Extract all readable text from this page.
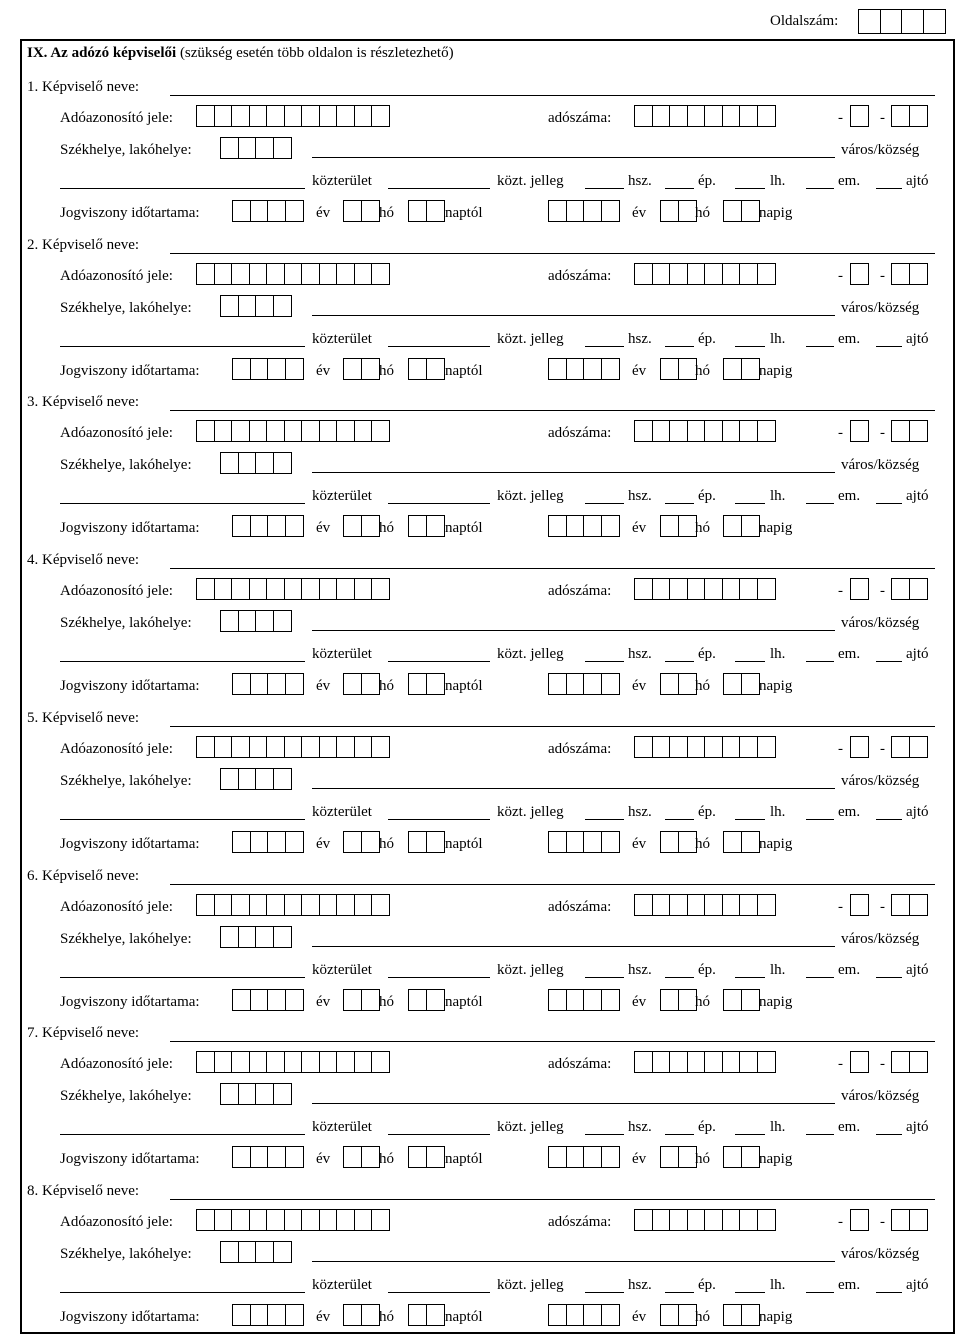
Oldalszám:
IX. Az adózó képviselői (szükség esetén több oldalon is részletezhető)
1. Képviselő neve:
Adóazonosító jele:	adószáma:	- -
Székhelye, lakóhelye:	város/község
közterület	közt. jelleg	hsz.	ép.	lh.	em.	ajtó
Jogviszony időtartama:	év	hó	naptól	év	hó	napig
2. Képviselő neve:
Adóazonosító jele:	adószáma:	- -
Székhelye, lakóhelye:	város/község
közterület	közt. jelleg	hsz.	ép.	lh.	em.	ajtó
Jogviszony időtartama:	év	hó	naptól	év	hó	napig
3. Képviselő neve:
Adóazonosító jele:	adószáma:	- -
Székhelye, lakóhelye:	város/község
közterület	közt. jelleg	hsz.	ép.	lh.	em.	ajtó
Jogviszony időtartama:	év	hó	naptól	év	hó	napig
4. Képviselő neve:
Adóazonosító jele:	adószáma:	- -
Székhelye, lakóhelye:	város/község
közterület	közt. jelleg	hsz.	ép.	lh.	em.	ajtó
Jogviszony időtartama:	év	hó	naptól	év	hó	napig
5. Képviselő neve:
Adóazonosító jele:	adószáma:	- -
Székhelye, lakóhelye:	város/község
közterület	közt. jelleg	hsz.	ép.	lh.	em.	ajtó
Jogviszony időtartama:	év	hó	naptól	év	hó	napig
6. Képviselő neve:
Adóazonosító jele:	adószáma:	- -
Székhelye, lakóhelye:	város/község
közterület	közt. jelleg	hsz.	ép.	lh.	em.	ajtó
Jogviszony időtartama:	év	hó	naptól	év	hó	napig
7. Képviselő neve:
Adóazonosító jele:	adószáma:	- -
Székhelye, lakóhelye:	város/község
közterület	közt. jelleg	hsz.	ép.	lh.	em.	ajtó
Jogviszony időtartama:	év	hó	naptól	év	hó	napig
8. Képviselő neve:
Adóazonosító jele:	adószáma:	- -
Székhelye, lakóhelye:	város/község
közterület	közt. jelleg	hsz.	ép.	lh.	em.	ajtó
Jogviszony időtartama:	év	hó	naptól	év	hó	napig
